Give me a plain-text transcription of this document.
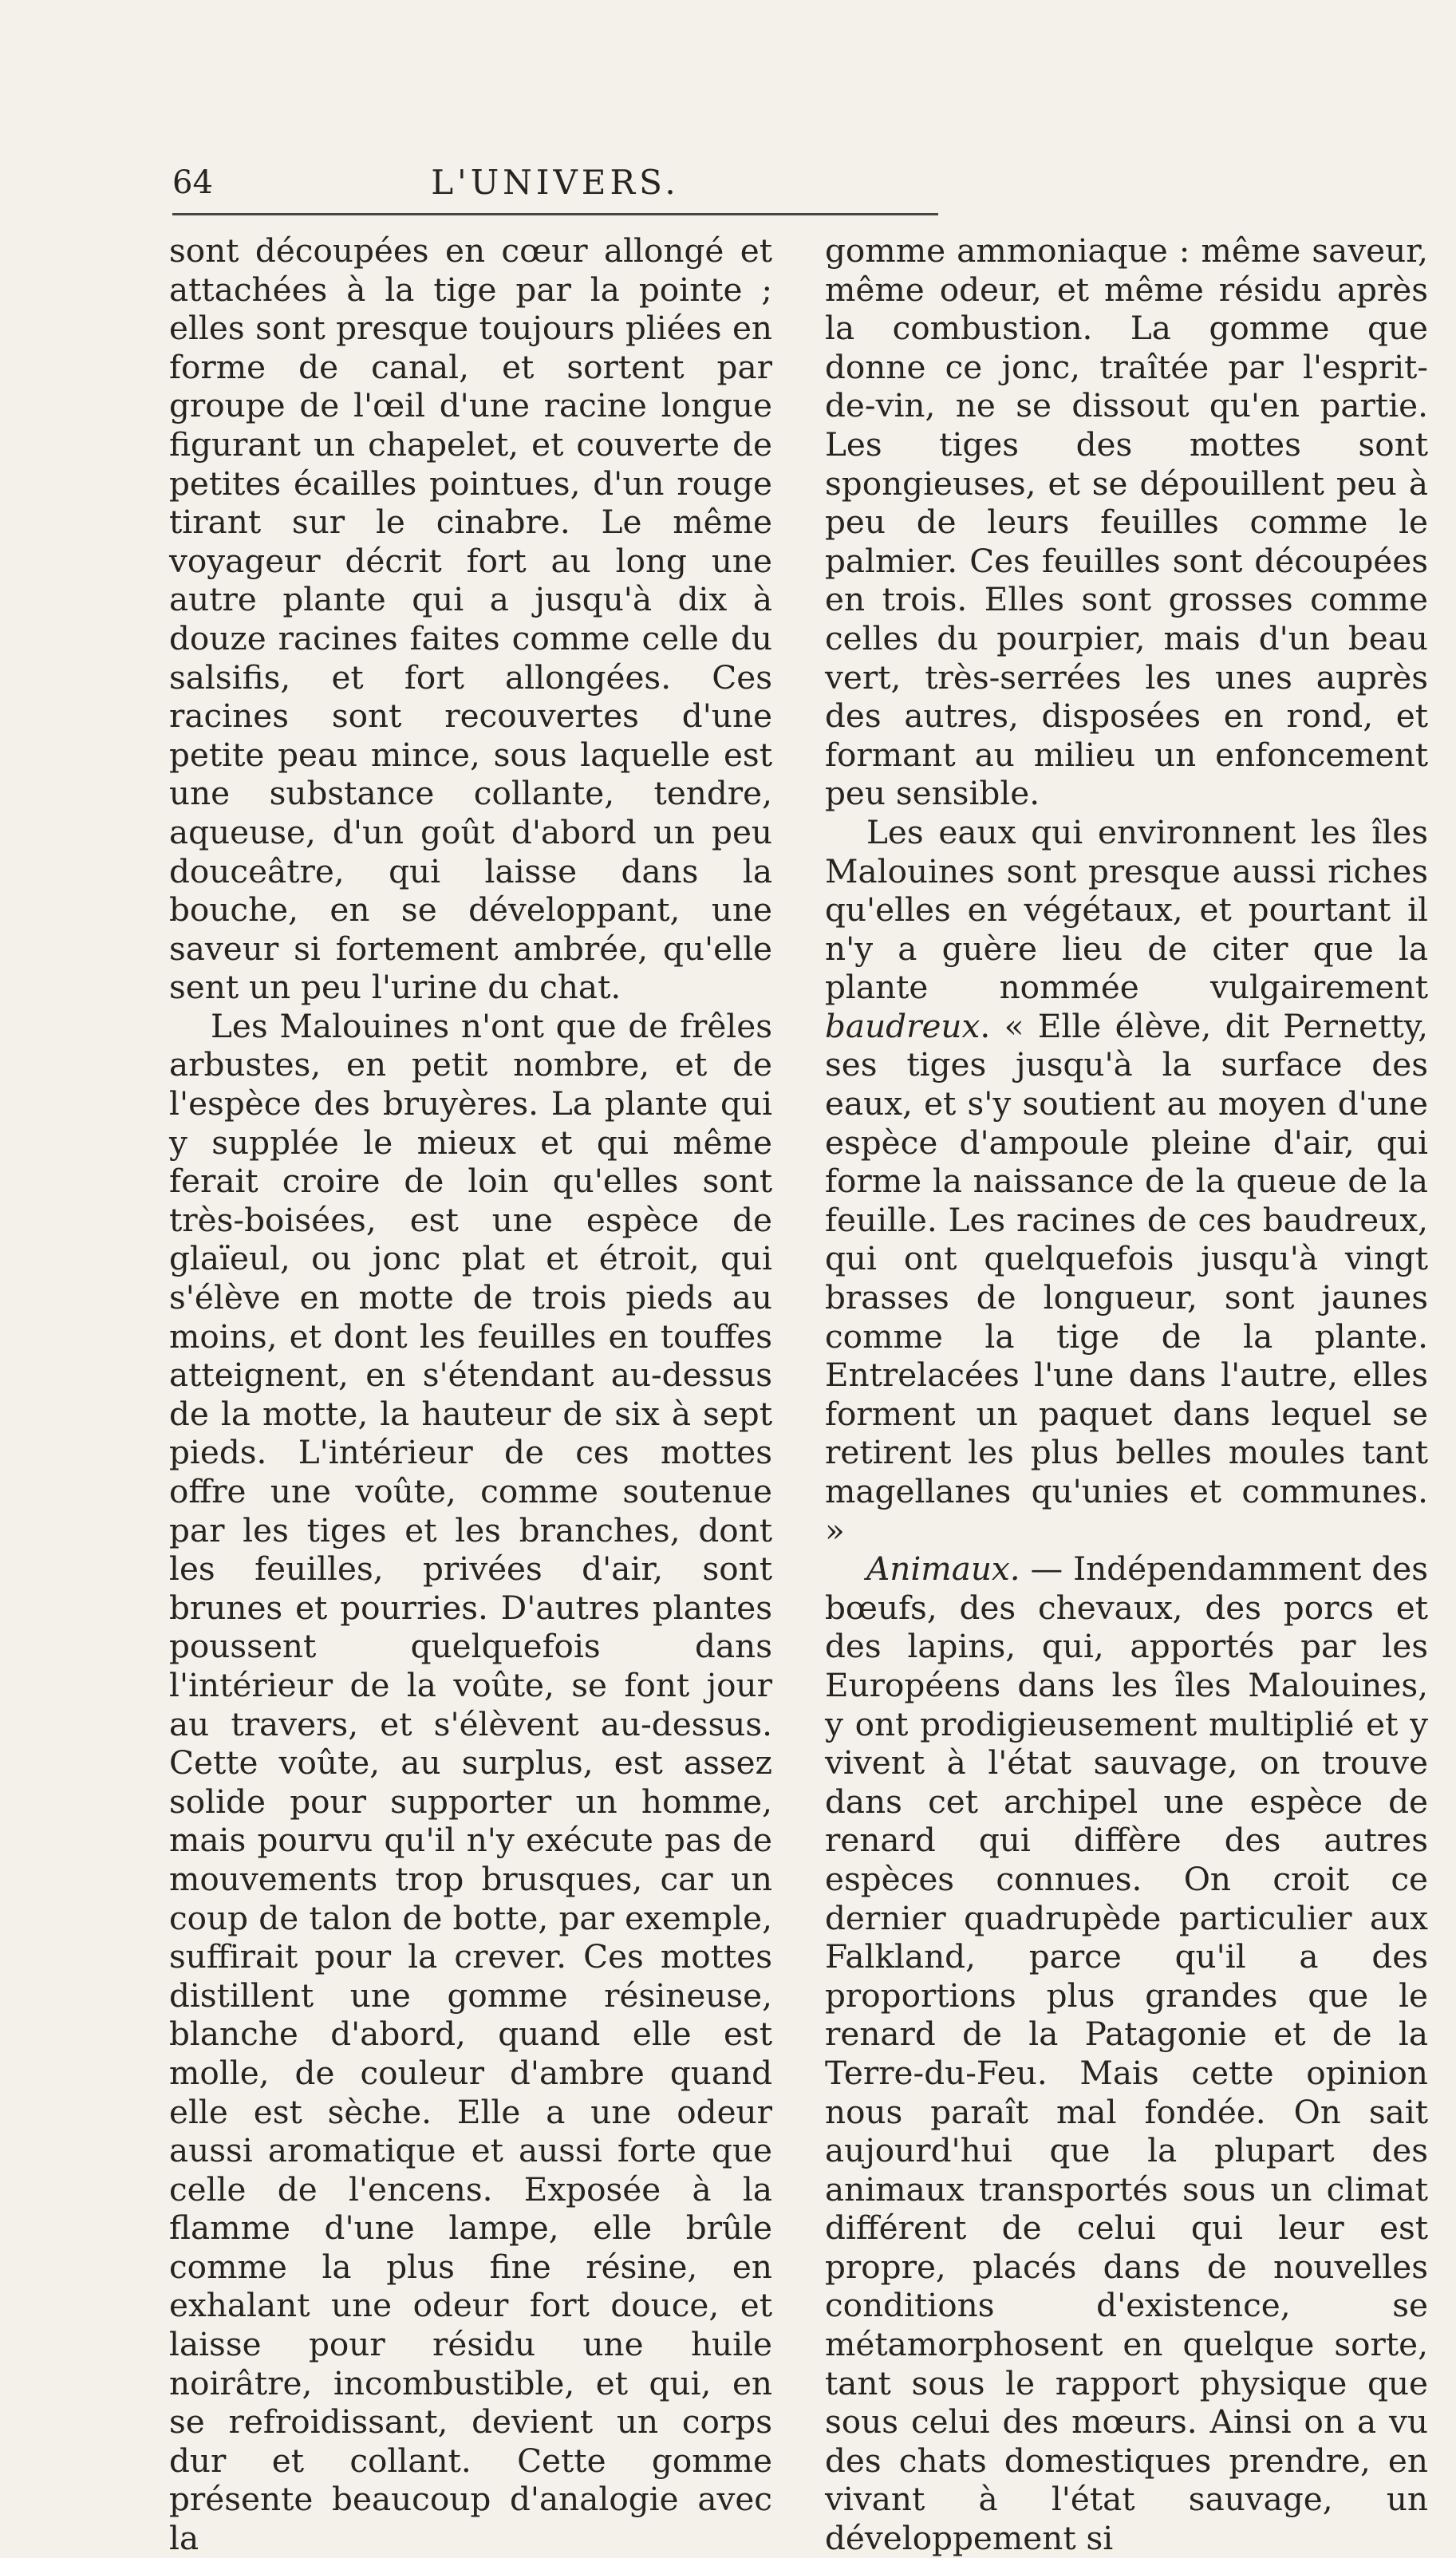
64	L'UNIVERS.

sont découpées en cœur allongé et attachées à la tige par la pointe ; elles sont presque toujours pliées en forme de canal, et sortent par groupe de l'œil d'une racine longue figurant un chapelet, et couverte de petites écailles pointues, d'un rouge tirant sur le cinabre. Le même voyageur décrit fort au long une autre plante qui a jusqu'à dix à douze racines faites comme celle du salsifis, et fort allongées. Ces racines sont recouvertes d'une petite peau mince, sous laquelle est une substance collante, tendre, aqueuse, d'un goût d'abord un peu douceâtre, qui laisse dans la bouche, en se développant, une saveur si fortement ambrée, qu'elle sent un peu l'urine du chat.

Les Malouines n'ont que de frêles arbustes, en petit nombre, et de l'espèce des bruyères. La plante qui y supplée le mieux et qui même ferait croire de loin qu'elles sont très-boisées, est une espèce de glaïeul, ou jonc plat et étroit, qui s'élève en motte de trois pieds au moins, et dont les feuilles en touffes atteignent, en s'étendant au-dessus de la motte, la hauteur de six à sept pieds. L'intérieur de ces mottes offre une voûte, comme soutenue par les tiges et les branches, dont les feuilles, privées d'air, sont brunes et pourries. D'autres plantes poussent quelquefois dans l'intérieur de la voûte, se font jour au travers, et s'élèvent au-dessus. Cette voûte, au surplus, est assez solide pour supporter un homme, mais pourvu qu'il n'y exécute pas de mouvements trop brusques, car un coup de talon de botte, par exemple, suffirait pour la crever. Ces mottes distillent une gomme résineuse, blanche d'abord, quand elle est molle, de couleur d'ambre quand elle est sèche. Elle a une odeur aussi aromatique et aussi forte que celle de l'encens. Exposée à la flamme d'une lampe, elle brûle comme la plus fine résine, en exhalant une odeur fort douce, et laisse pour résidu une huile noirâtre, incombustible, et qui, en se refroidissant, devient un corps dur et collant. Cette gomme présente beaucoup d'analogie avec la

gomme ammoniaque : même saveur, même odeur, et même résidu après la combustion. La gomme que donne ce jonc, traîtée par l'esprit-de-vin, ne se dissout qu'en partie. Les tiges des mottes sont spongieuses, et se dépouillent peu à peu de leurs feuilles comme le palmier. Ces feuilles sont découpées en trois. Elles sont grosses comme celles du pourpier, mais d'un beau vert, très-serrées les unes auprès des autres, disposées en rond, et formant au milieu un enfoncement peu sensible.

Les eaux qui environnent les îles Malouines sont presque aussi riches qu'elles en végétaux, et pourtant il n'y a guère lieu de citer que la plante nommée vulgairement baudreux. « Elle élève, dit Pernetty, ses tiges jusqu'à la surface des eaux, et s'y soutient au moyen d'une espèce d'ampoule pleine d'air, qui forme la naissance de la queue de la feuille. Les racines de ces baudreux, qui ont quelquefois jusqu'à vingt brasses de longueur, sont jaunes comme la tige de la plante. Entrelacées l'une dans l'autre, elles forment un paquet dans lequel se retirent les plus belles moules tant magellanes qu'unies et communes. »

Animaux. — Indépendamment des bœufs, des chevaux, des porcs et des lapins, qui, apportés par les Européens dans les îles Malouines, y ont prodigieusement multiplié et y vivent à l'état sauvage, on trouve dans cet archipel une espèce de renard qui diffère des autres espèces connues. On croit ce dernier quadrupède particulier aux Falkland, parce qu'il a des proportions plus grandes que le renard de la Patagonie et de la Terre-du-Feu. Mais cette opinion nous paraît mal fondée. On sait aujourd'hui que la plupart des animaux transportés sous un climat différent de celui qui leur est propre, placés dans de nouvelles conditions d'existence, se métamorphosent en quelque sorte, tant sous le rapport physique que sous celui des mœurs. Ainsi on a vu des chats domestiques prendre, en vivant à l'état sauvage, un développement si
